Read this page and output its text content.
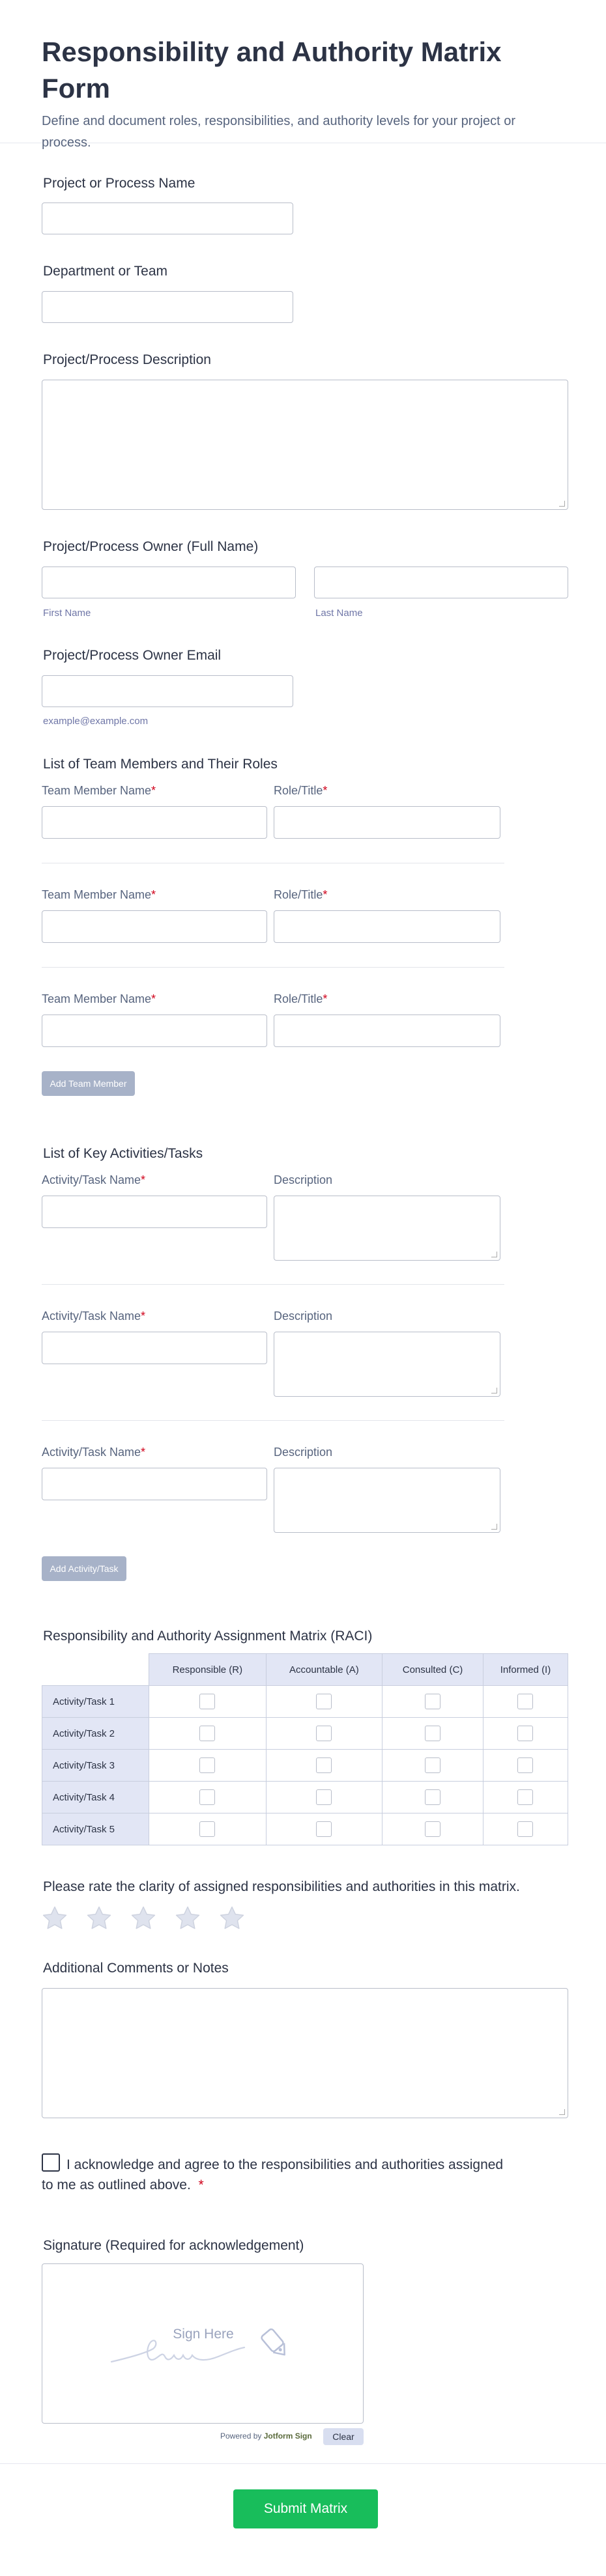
Responsibility and Authority Matrix Form
Define and document roles, responsibilities, and authority levels for your project or process.
Project or Process Name
Department or Team
Project/Process Description
Project/Process Owner (Full Name)
First Name	Last Name
Project/Process Owner Email
example@example.com
List of Team Members and Their Roles
Team Member Name*	Role/Title*
Team Member Name*	Role/Title*
Team Member Name*	Role/Title*
Add Team Member
List of Key Activities/Tasks
Activity/Task Name*	Description
Activity/Task Name*	Description
Activity/Task Name*	Description
Add Activity/Task
Responsibility and Authority Assignment Matrix (RACI)
	Responsible (R)	Accountable (A)	Consulted (C)	Informed (I)
Activity/Task 1				
Activity/Task 2				
Activity/Task 3				
Activity/Task 4				
Activity/Task 5				
Please rate the clarity of assigned responsibilities and authorities in this matrix.
Additional Comments or Notes
I acknowledge and agree to the responsibilities and authorities assigned to me as outlined above. *
Signature (Required for acknowledgement)
Sign Here
Powered by Jotform Sign	Clear
Submit Matrix
